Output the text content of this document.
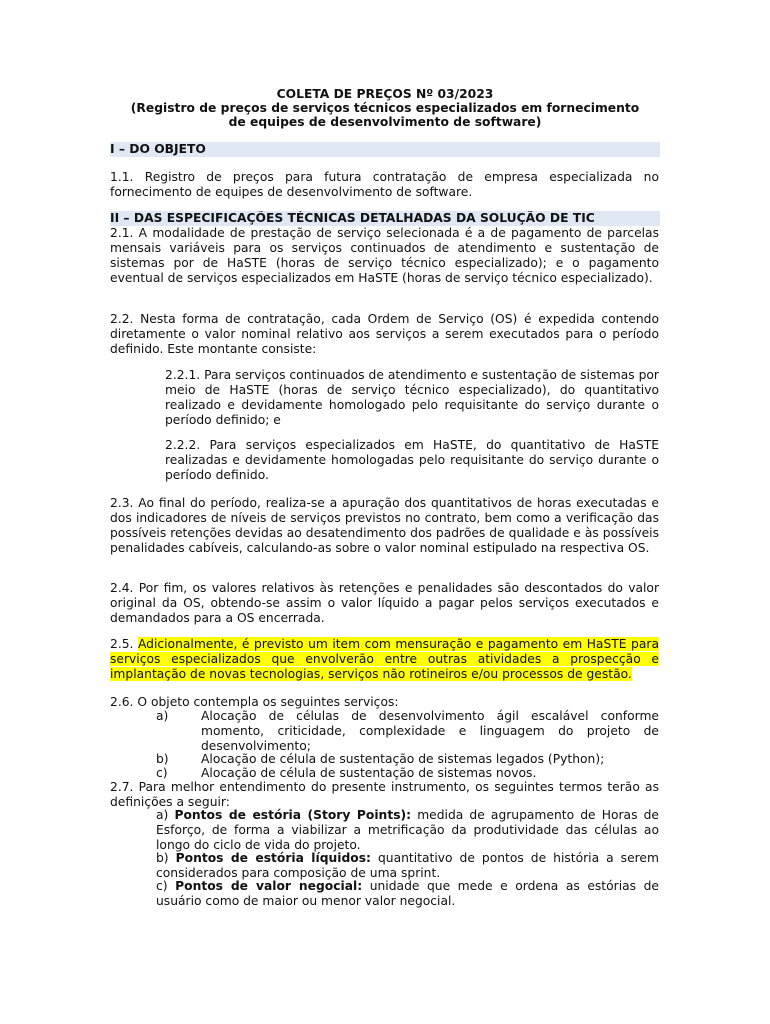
COLETA DE PREÇOS Nº 03/2023
(Registro de preços de serviços técnicos especializados em fornecimento
de equipes de desenvolvimento de software)
I – DO OBJETO
1.1. Registro de preços para futura contratação de empresa especializada no fornecimento de equipes de desenvolvimento de software.
II – DAS ESPECIFICAÇÕES TÉCNICAS DETALHADAS DA SOLUÇÃO DE TIC
2.1. A modalidade de prestação de serviço selecionada é a de pagamento de parcelas mensais variáveis para os serviços continuados de atendimento e sustentação de sistemas por de HaSTE (horas de serviço técnico especializado); e o pagamento eventual de serviços especializados em HaSTE (horas de serviço técnico especializado).
2.2. Nesta forma de contratação, cada Ordem de Serviço (OS) é expedida contendo diretamente o valor nominal relativo aos serviços a serem executados para o período definido. Este montante consiste:
2.2.1. Para serviços continuados de atendimento e sustentação de sistemas por meio de HaSTE (horas de serviço técnico especializado), do quantitativo realizado e devidamente homologado pelo requisitante do serviço durante o período definido; e
2.2.2. Para serviços especializados em HaSTE, do quantitativo de HaSTE realizadas e devidamente homologadas pelo requisitante do serviço durante o período definido.
2.3. Ao final do período, realiza-se a apuração dos quantitativos de horas executadas e dos indicadores de níveis de serviços previstos no contrato, bem como a verificação das possíveis retenções devidas ao desatendimento dos padrões de qualidade e às possíveis penalidades cabíveis, calculando-as sobre o valor nominal estipulado na respectiva OS.
2.4. Por fim, os valores relativos às retenções e penalidades são descontados do valor original da OS, obtendo-se assim o valor líquido a pagar pelos serviços executados e demandados para a OS encerrada.
2.5. Adicionalmente, é previsto um item com mensuração e pagamento em HaSTE para serviços especializados que envolverão entre outras atividades a prospecção e implantação de novas tecnologias, serviços não rotineiros e/ou processos de gestão.
2.6. O objeto contempla os seguintes serviços:
a)	Alocação de células de desenvolvimento ágil escalável conforme momento, criticidade, complexidade e linguagem do projeto de desenvolvimento;
b)	Alocação de célula de sustentação de sistemas legados (Python);
c)	Alocação de célula de sustentação de sistemas novos.
2.7. Para melhor entendimento do presente instrumento, os seguintes termos terão as definições a seguir:
a) Pontos de estória (Story Points): medida de agrupamento de Horas de Esforço, de forma a viabilizar a metrificação da produtividade das células ao longo do ciclo de vida do projeto.
b) Pontos de estória líquidos: quantitativo de pontos de história a serem considerados para composição de uma sprint.
c) Pontos de valor negocial: unidade que mede e ordena as estórias de usuário como de maior ou menor valor negocial.
